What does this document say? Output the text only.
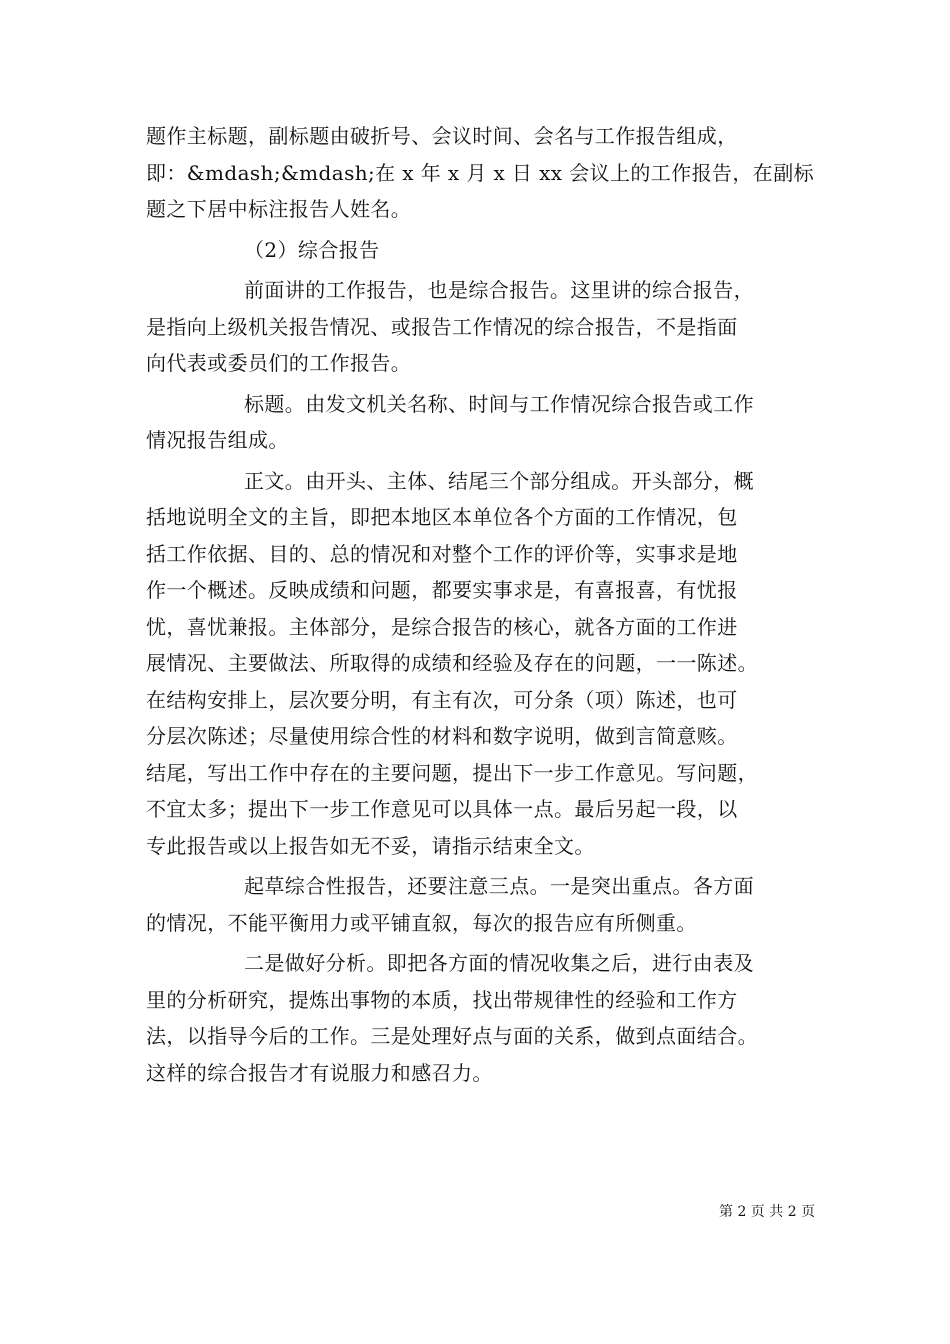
题作主标题，副标题由破折号、会议时间、会名与工作报告组成，
即：&mdash;&mdash;在 x 年 x 月 x 日 xx 会议上的工作报告，在副标
题之下居中标注报告人姓名。
（2）综合报告
前面讲的工作报告，也是综合报告。这里讲的综合报告，
是指向上级机关报告情况、或报告工作情况的综合报告，不是指面
向代表或委员们的工作报告。
标题。由发文机关名称、时间与工作情况综合报告或工作
情况报告组成。
正文。由开头、主体、结尾三个部分组成。开头部分，概
括地说明全文的主旨，即把本地区本单位各个方面的工作情况，包
括工作依据、目的、总的情况和对整个工作的评价等，实事求是地
作一个概述。反映成绩和问题，都要实事求是，有喜报喜，有忧报
忧，喜忧兼报。主体部分，是综合报告的核心，就各方面的工作进
展情况、主要做法、所取得的成绩和经验及存在的问题，一一陈述。
在结构安排上，层次要分明，有主有次，可分条（项）陈述，也可
分层次陈述；尽量使用综合性的材料和数字说明，做到言简意赅。
结尾，写出工作中存在的主要问题，提出下一步工作意见。写问题，
不宜太多；提出下一步工作意见可以具体一点。最后另起一段，以
专此报告或以上报告如无不妥，请指示结束全文。
起草综合性报告，还要注意三点。一是突出重点。各方面
的情况，不能平衡用力或平铺直叙，每次的报告应有所侧重。
二是做好分析。即把各方面的情况收集之后，进行由表及
里的分析研究，提炼出事物的本质，找出带规律性的经验和工作方
法，以指导今后的工作。三是处理好点与面的关系，做到点面结合。
这样的综合报告才有说服力和感召力。
第 2 页 共 2 页
